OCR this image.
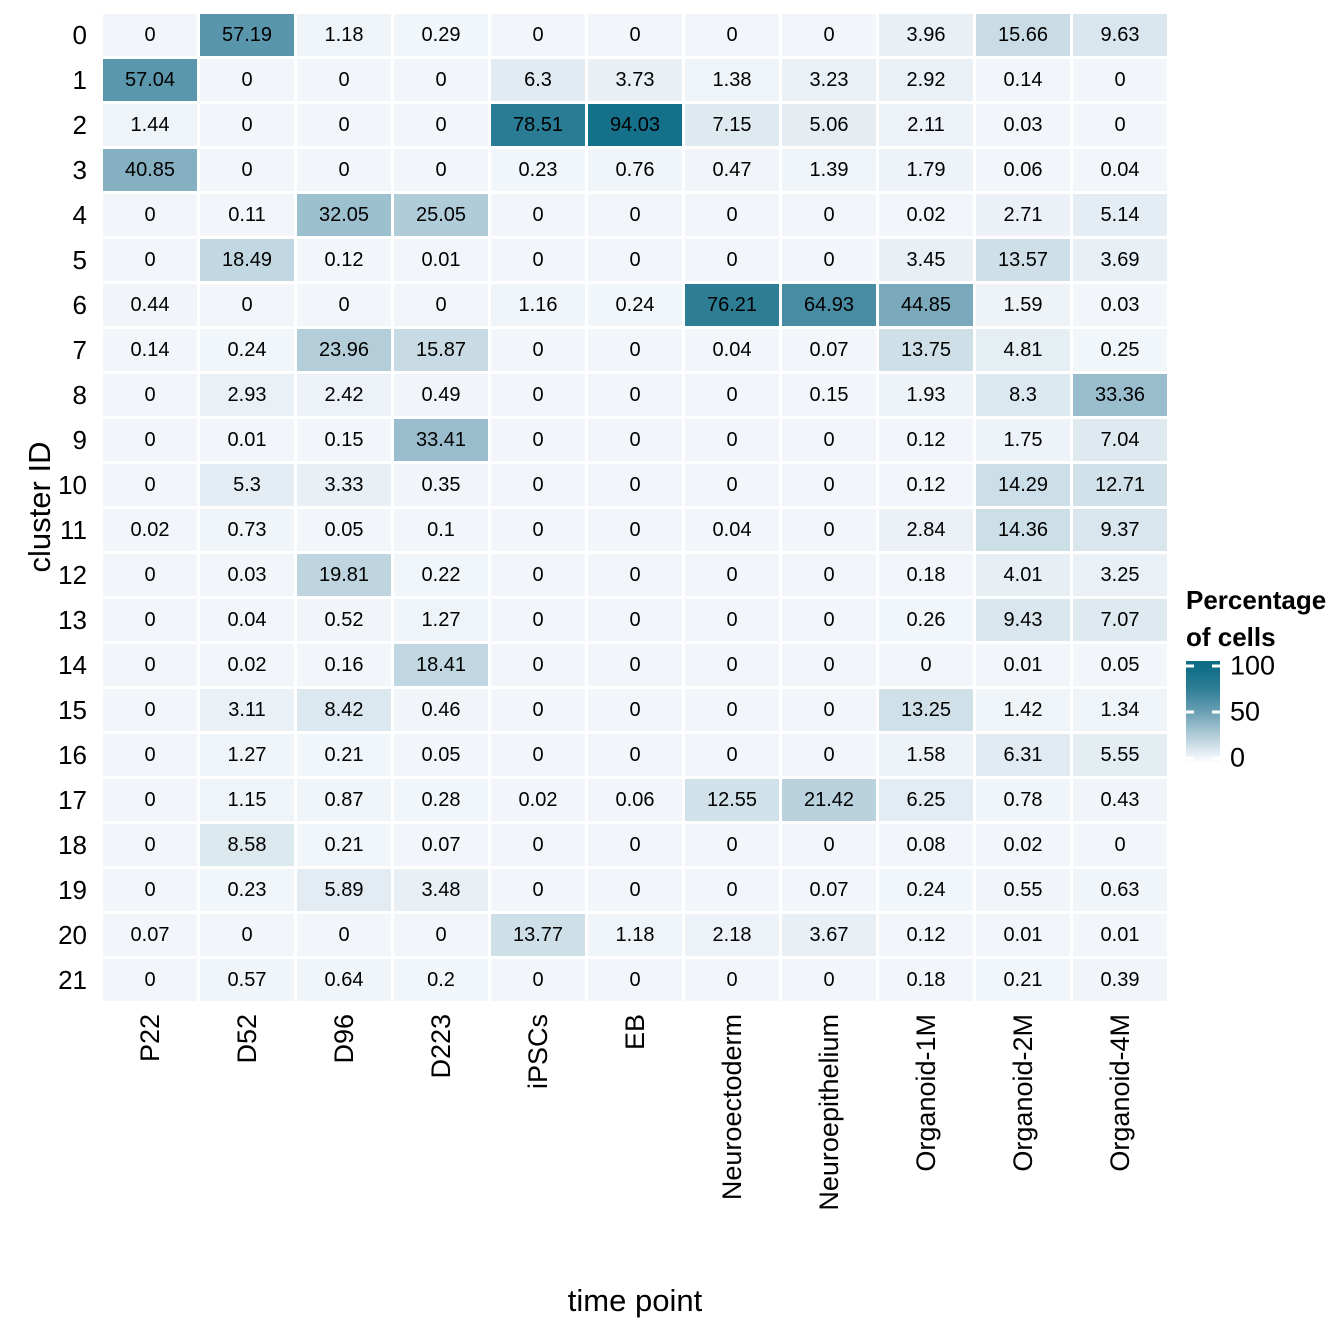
cluster ID
0	0	57.19	1.18	0.29	0	0	0	0	3.96	15.66	9.63
1	57.04	0	0	0	6.3	3.73	1.38	3.23	2.92	0.14	0
2	1.44	0	0	0	78.51	94.03	7.15	5.06	2.11	0.03	0
3	40.85	0	0	0	0.23	0.76	0.47	1.39	1.79	0.06	0.04
4	0	0.11	32.05	25.05	0	0	0	0	0.02	2.71	5.14
5	0	18.49	0.12	0.01	0	0	0	0	3.45	13.57	3.69
6	0.44	0	0	0	1.16	0.24	76.21	64.93	44.85	1.59	0.03
7	0.14	0.24	23.96	15.87	0	0	0.04	0.07	13.75	4.81	0.25
8	0	2.93	2.42	0.49	0	0	0	0.15	1.93	8.3	33.36
9	0	0.01	0.15	33.41	0	0	0	0	0.12	1.75	7.04
10	0	5.3	3.33	0.35	0	0	0	0	0.12	14.29	12.71
11	0.02	0.73	0.05	0.1	0	0	0.04	0	2.84	14.36	9.37
12	0	0.03	19.81	0.22	0	0	0	0	0.18	4.01	3.25
13	0	0.04	0.52	1.27	0	0	0	0	0.26	9.43	7.07
14	0	0.02	0.16	18.41	0	0	0	0	0	0.01	0.05
15	0	3.11	8.42	0.46	0	0	0	0	13.25	1.42	1.34
16	0	1.27	0.21	0.05	0	0	0	0	1.58	6.31	5.55
17	0	1.15	0.87	0.28	0.02	0.06	12.55	21.42	6.25	0.78	0.43
18	0	8.58	0.21	0.07	0	0	0	0	0.08	0.02	0
19	0	0.23	5.89	3.48	0	0	0	0.07	0.24	0.55	0.63
20	0.07	0	0	0	13.77	1.18	2.18	3.67	0.12	0.01	0.01
21	0	0.57	0.64	0.2	0	0	0	0	0.18	0.21	0.39
P22 D52 D96 D223 iPSCs EB Neuroectoderm Neuroepithelium Organoid-1M Organoid-2M Organoid-4M
time point
Percentage
of cells
100
50
0
